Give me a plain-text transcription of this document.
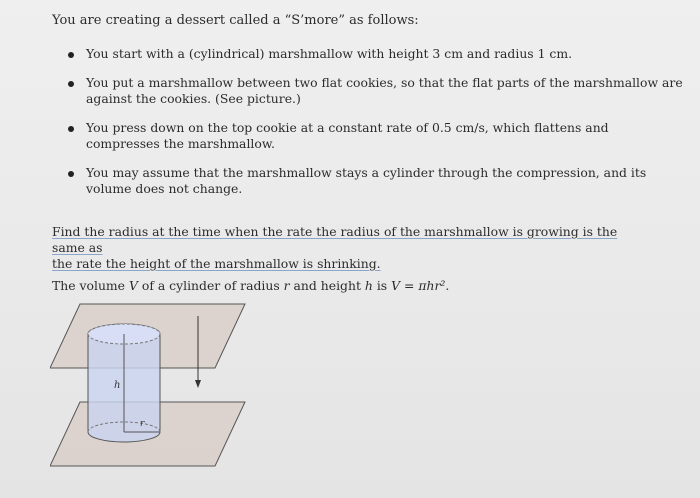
You are creating a dessert called a “S’more” as follows:
You start with a (cylindrical) marshmallow with height 3 cm and radius 1 cm.
You put a marshmallow between two flat cookies, so that the flat parts of the marshmallow are against the cookies. (See picture.)
You press down on the top cookie at a constant rate of 0.5 cm/s, which flattens and compresses the marshmallow.
You may assume that the marshmallow stays a cylinder through the compression, and its volume does not change.
Find the radius at the time when the rate the radius of the marshmallow is growing is the same as
the rate the height of the marshmallow is shrinking.
The volume V of a cylinder of radius r and height h is V = πhr².
h
r
